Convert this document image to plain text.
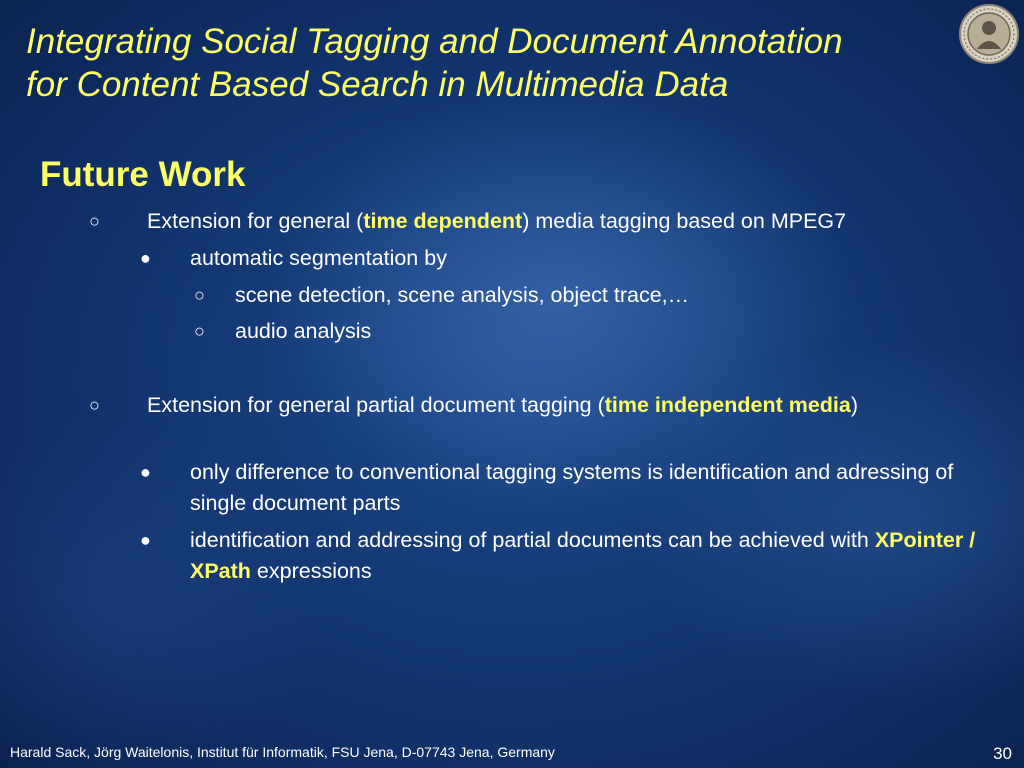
Integrating Social Tagging and Document Annotation
for Content Based Search in Multimedia Data
Future Work
○ Extension for general (time dependent) media tagging based on MPEG7
● automatic segmentation by
○ scene detection, scene analysis, object trace,…
○ audio analysis
○ Extension for general partial document tagging (time independent media)
● only difference to conventional tagging systems is identification and adressing of single document parts
● identification and addressing of partial documents can be achieved with XPointer / XPath expressions
Harald Sack, Jörg Waitelonis, Institut für Informatik, FSU Jena, D-07743 Jena, Germany	30
